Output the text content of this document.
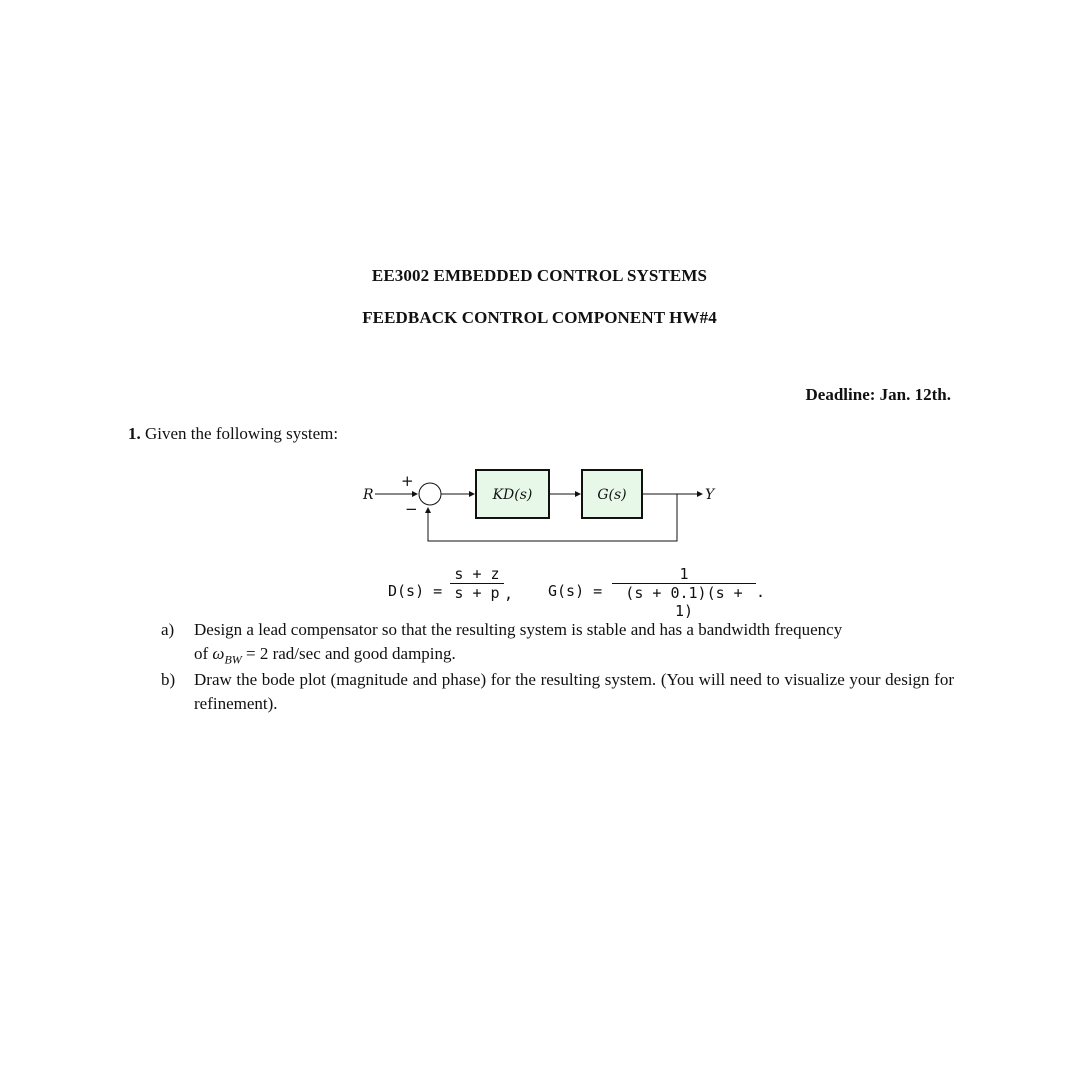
EE3002 EMBEDDED CONTROL SYSTEMS
FEEDBACK CONTROL COMPONENT HW#4
Deadline: Jan. 12th.
1. Given the following system:
R
+
−
KD(s)	G(s)	Y
$D(s) = \frac{s + z}{s + p}$ , $G(s) = \frac{1}{(s + 0.1)(s + 1)}$ .
a) Design a lead compensator so that the resulting system is stable and has a bandwidth frequency
of $\omega_{BW} = 2$ rad/sec and good damping.
b) Draw the bode plot (magnitude and phase) for the resulting system. (You will need to visualize your design for refinement).
